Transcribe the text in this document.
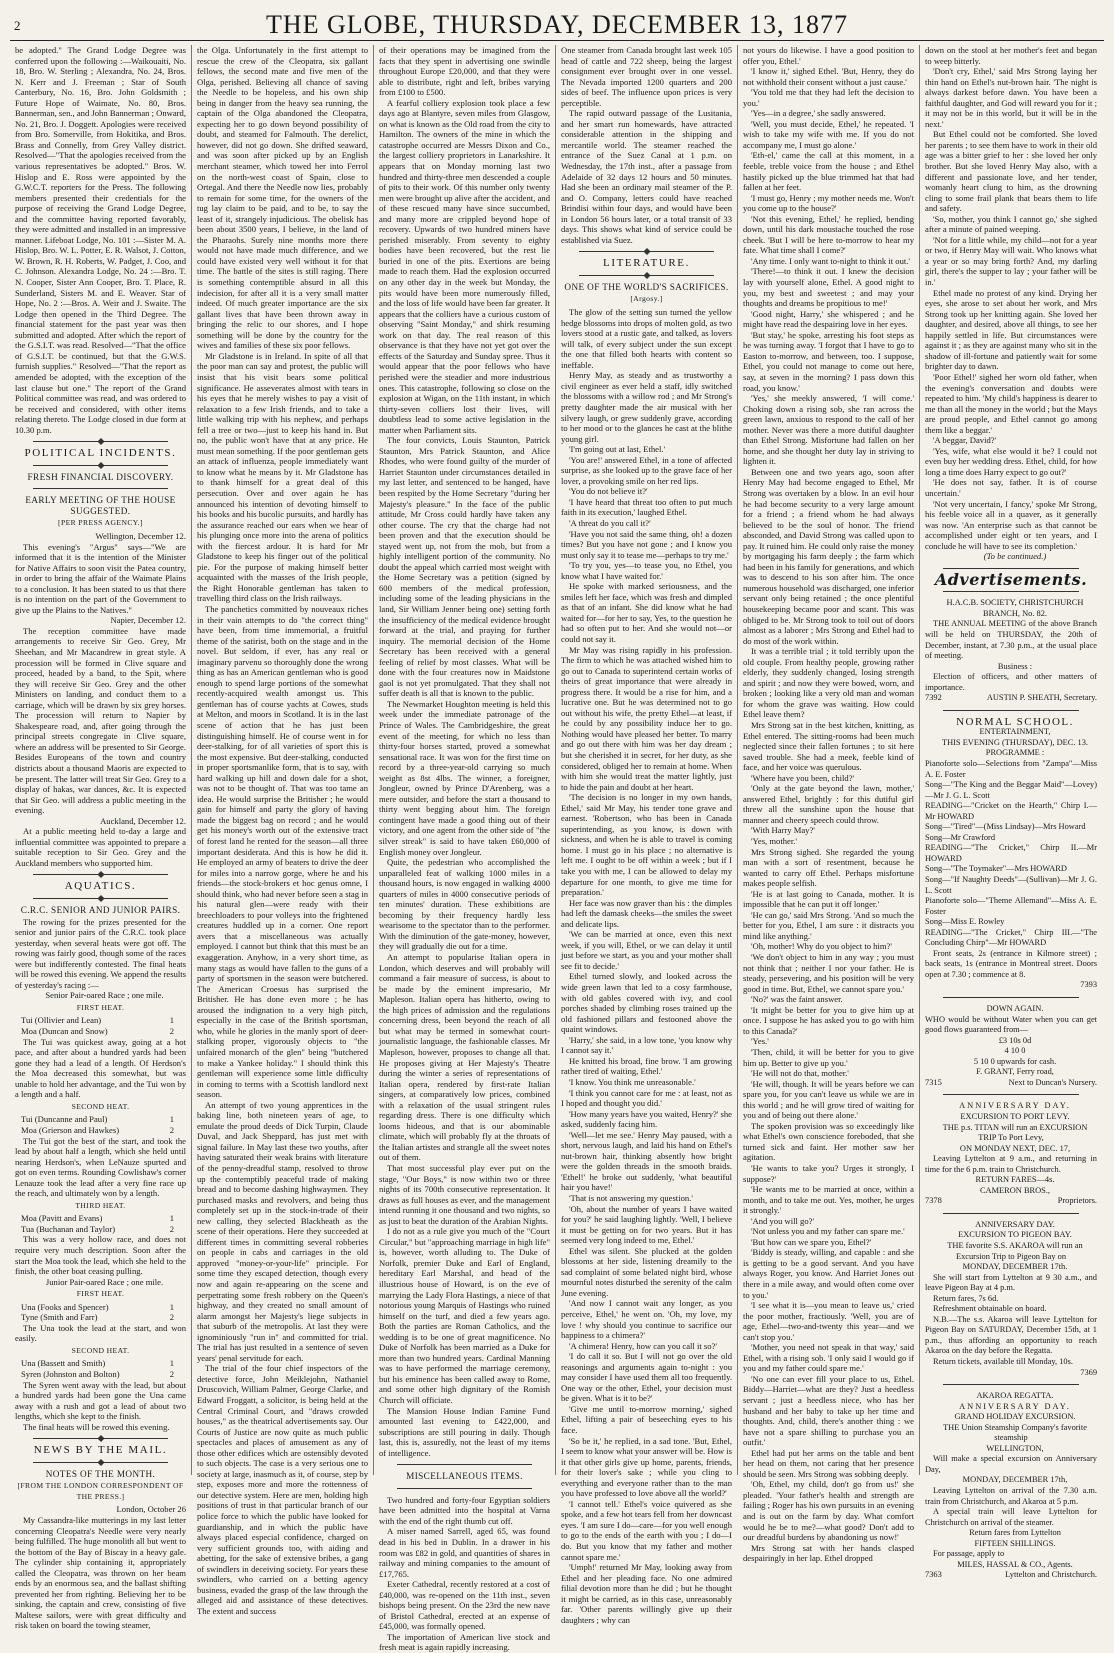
2	THE GLOBE, THURSDAY, DECEMBER 13, 1877

be adopted." The Grand Lodge Degree was conferred upon the following :—Waikouaiti, No. 18, Bro. W. Sterling ; Alexandra, No. 24, Bros. N. Kerr and J. Freeman ; Star of South Canterbury, No. 16, Bro. John Goldsmith ; Future Hope of Waimate, No. 80, Bros. Bannerman, sen., and John Bannerman ; Onward, No. 21, Bro. J. Doggett. Apologies were received from Bro. Somerville, from Hokitika, and Bros. Brass and Connelly, from Grey Valley district. Resolved—"That the apologies received from the various representatives be adopted." Bros. W. Hislop and E. Ross were appointed by the G.W.C.T. reporters for the Press. The following members presented their credentials for the purpose of receiving the Grand Lodge Degree, and the committee having reported favorably, they were admitted and installed in an impressive manner. Lifeboat Lodge, No. 101 :—Sister M. A. Hislop, Bro. W. L. Potter, E. R. Walsot, J. Cotton, W. Brown, R. H. Roberts, W. Padget, J. Coo, and C. Johnson. Alexandra Lodge, No. 24 :—Bro. T. N. Cooper, Sister Ann Cooper, Bro. T. Place, R. Sunderland, Sisters M. and E. Weaver. Star of Hope, No. 2 :—Bros. A. Weir and J. Swaite. The Lodge then opened in the Third Degree. The financial statement for the past year was then submitted and adopted. After which the report of the G.S.I.T. was read. Resolved—"That the office of G.S.I.T. be continued, but that the G.W.S. furnish supplies." Resolved—"That the report as amended be adopted, with the exception of the last clause but one." The report of the Grand Political committee was read, and was ordered to be received and considered, with other items relating thereto. The Lodge closed in due form at 10.30 p.m.

POLITICAL INCIDENTS.
FRESH FINANCIAL DISCOVERY.
EARLY MEETING OF THE HOUSE SUGGESTED.
[PER PRESS AGENCY.]

Wellington, December 12.

This evening's "Argus" says—"We are informed that it is the intention of the Minister for Native Affairs to soon visit the Patea country, in order to bring the affair of the Waimate Plains to a conclusion. It has been stated to us that there is no intention on the part of the Government to give up the Plains to the Natives."

Napier, December 12.

The reception committee have made arrangements to receive Sir Geo. Grey, Mr Sheehan, and Mr Macandrew in great style. A procession will be formed in Clive square and proceed, headed by a band, to the Spit, where they will receive Sir Geo. Grey and the other Ministers on landing, and conduct them to a carriage, which will be drawn by six grey horses. The procession will return to Napier by Shakespeare road, and, after going through the principal streets congregate in Clive square, where an address will be presented to Sir George. Besides Europeans of the town and country districts about a thousand Maoris are expected to be present. The latter will treat Sir Geo. Grey to a display of hakas, war dances, &c. It is expected that Sir Geo. will address a public meeting in the evening.

Auckland, December 12.

At a public meeting held to-day a large and influential committee was appointed to prepare a suitable reception to Sir Geo. Grey and the Auckland members who supported him.

AQUATICS.
C.R.C. SENIOR AND JUNIOR PAIRS.

The rowing for the prizes presented for the senior and junior pairs of the C.R.C. took place yesterday, when several heats were got off. The rowing was fairly good, though some of the races were but indifferently contested. The final heats will be rowed this evening. We append the results of yesterday's racing :—

Senior Pair-oared Race ; one mile.

FIRST HEAT.
Tui (Ollivier and Lean)	1
Moa (Duncan and Snow)	2

The Tui was quickest away, going at a hot pace, and after about a hundred yards had been gone they had a lead of a length. Of Herdson's the Moa decreased this somewhat, but was unable to hold her advantage, and the Tui won by a length and a half.

SECOND HEAT.
Tui (Duncanne and Paul)	1
Moa (Grierson and Hawkes)	2

The Tui got the best of the start, and took the lead by about half a length, which she held until nearing Herdson's, when LeNauze spurted and got on even terms. Rounding Cowlishaw's corner Lenauze took the lead after a very fine race up the reach, and ultimately won by a length.

THIRD HEAT.
Moa (Pavitt and Evans)	1
Tua (Buchanan and Taylor)	2

This was a very hollow race, and does not require very much description. Soon after the start the Moa took the lead, which she held to the finish, the other boat ceasing pulling.

Junior Pair-oared Race ; one mile.

FIRST HEAT.
Una (Fooks and Spencer)	1
Tyne (Smith and Farr)	2

The Una took the lead at the start, and won easily.

SECOND HEAT.
Una (Bassett and Smith)	1
Syren (Johnston and Bolton)	2

The Syren went away with the lead, but about a hundred yards had been gone the Una came away with a rush and got a lead of about two lengths, which she kept to the finish.

The final heats will be rowed this evening.

NEWS BY THE MAIL.
NOTES OF THE MONTH.
[FROM THE LONDON CORRESPONDENT OF THE PRESS.]

London, October 26

My Cassandra-like mutterings in my last letter concerning Cleopatra's Needle were very nearly being fulfilled. The huge monolith all but went to the bottom of the Bay of Biscay in a heavy gale. The cylinder ship containing it, appropriately called the Cleopatra, was thrown on her beam ends by an enormous sea, and the ballast shifting prevented her from righting. Believing her to be sinking, the captain and crew, consisting of five Maltese sailors, were with great difficulty and risk taken on board the towing steamer,

the Olga. Unfortunately in the first attempt to rescue the crew of the Cleopatra, six gallant fellows, the second mate and five men of the Olga, perished. Believing all chance of saving the Needle to be hopeless, and his own ship being in danger from the heavy sea running, the captain of the Olga abandoned the Cleopatra, expecting her to go down beyond possibility of doubt, and steamed for Falmouth. The derelict, however, did not go down. She drifted seaward, and was soon after picked up by an English merchant steamer, which towed her into Ferrol on the north-west coast of Spain, close to Ortegal. And there the Needle now lies, probably to remain for some time, for the owners of the tug lay claim to be paid, and to be, to say the least of it, strangely injudicious. The obelisk has been about 3500 years, I believe, in the land of the Pharaohs. Surely nine months more there would not have made much difference, and we could have existed very well without it for that time. The battle of the sites is still raging. There is something contemptible absurd in all this indecision, for after all it is a very small matter indeed. Of much greater importance are the six gallant lives that have been thrown away in bringing the relic to our shores, and I hope something will be done by the country for the wives and families of these six poor fellows.

Mr Gladstone is in Ireland. In spite of all that the poor man can say and protest, the public will insist that his visit bears some political significance. He asseverates almost with tears in his eyes that he merely wishes to pay a visit of relaxation to a few Irish friends, and to take a little walking trip with his nephew, and perhaps fell a tree or two—just to keep his hand in. But no, the public won't have that at any price. He must mean something. If the poor gentleman gets an attack of influenza, people immediately want to know what he means by it. Mr Gladstone has to thank himself for a great deal of this persecution. Over and over again he has announced his intention of devoting himself to his books and his bucolic pursuits, and hardly has the assurance reached our ears when we hear of his plunging once more into the arena of politics with the fiercest ardour. It is hard for Mr Gladstone to keep his finger out of the political pie. For the purpose of making himself better acquainted with the masses of the Irish people, the Right Honorable gentleman has taken to travelling third class on the Irish railways.

The panchetics committed by nouveaux riches in their vain attempts to do "the correct thing" have been, from time immemorial, a fruitful theme of the satirist, both on the stage and in the novel. But seldom, if ever, has any real or imaginary parvenu so thoroughly done the wrong thing as has an American gentleman who is good enough to spend large portions of the somewhat recently-acquired wealth amongst us. This gentleman has of course yachts at Cowes, studs at Melton, and moors in Scotland. It is in the last scene of action that he has just been distinguishing himself. He of course went in for deer-stalking, for of all varieties of sport this is the most expensive. But deer-stalking, conducted in proper sportsmanlike form, that is to say, with hard walking up hill and down dale for a shot, was not to be thought of. That was too tame an idea. He would surprise the Britisher ; he would gain for himself and party the glory of having made the biggest bag on record ; and he would get his money's worth out of the extensive tract of forest land he rented for the season—all three important desiderata. And this is how he did it. He employed an army of beaters to drive the deer for miles into a narrow gorge, where he and his friends—the stock-brokers et hoc genus omne, I should think, who had never before seen a stag in his natural glen—were ready with their breechloaders to pour volleys into the frightened creatures huddled up in a corner. One report avers that a miscellaneous was actually employed. I cannot but think that this must be an exaggeration. Anyhow, in a very short time, as many stags as would have fallen to the guns of a party of sportsmen in the season were butchered. The American Croesus has surprised the Britisher. He has done even more ; he has aroused the indignation to a very high pitch, especially in the case of the British sportsman, who, while he glories in the manly sport of deer-stalking proper, vigorously objects to "the unfaired monarch of the glen" being "butchered to make a Yankee holiday." I should think this gentleman will experience some little difficulty in coming to terms with a Scottish landlord next season.

An attempt of two young apprentices in the baking line, both nineteen years of age, to emulate the proud deeds of Dick Turpin, Claude Duval, and Jack Sheppard, has just met with signal failure. In May last these two youths, after having saturated their weak brains with literature of the penny-dreadful stamp, resolved to throw up the contemptibly peaceful trade of making bread and to become dashing highwaymen. They purchased masks and revolvers, and being thus completely set up in the stock-in-trade of their new calling, they selected Blackheath as the scene of their operations. Here they succeeded at different times in committing several robberies on people in cabs and carriages in the old approved "money-or-your-life" principle. For some time they escaped detection, though every now and again re-appearing on the scene and perpetrating some fresh robbery on the Queen's highway, and they created no small amount of alarm amongst her Majesty's liege subjects in that suburb of the metropolis. At last they were ignominiously "run in" and committed for trial. The trial has just resulted in a sentence of seven years' penal servitude for each.

The trial of the four chief inspectors of the detective force, John Meiklejohn, Nathaniel Druscovich, William Palmer, George Clarke, and Edward Froggatt, a solicitor, is being held at the Central Criminal Court, and "draws crowded houses," as the theatrical advertisements say. Our Courts of Justice are now quite as much public spectacles and places of amusement as any of those other edifices which are ostensibly devoted to such objects. The case is a very serious one to society at large, inasmuch as it, of course, step by step, exposes more and more the rottenness of our detective system. Here are men, holding high positions of trust in that particular branch of our police force to which the public have looked for guardianship, and in which the public have always placed especial confidence, charged on very sufficient grounds too, with aiding and abetting, for the sake of extensive bribes, a gang of swindlers in deceiving society. For years these swindlers, who carried on a betting agency business, evaded the grasp of the law through the alleged aid and assistance of these detectives. The extent and success

of their operations may be imagined from the facts that they spent in advertising one swindle throughout Europe £20,000, and that they were able to distribute, right and left, bribes varying from £100 to £500.

A fearful colliery explosion took place a few days ago at Blantyre, seven miles from Glasgow, on what is known as the Old road from the city to Hamilton. The owners of the mine in which the catastrophe occurred are Messrs Dixon and Co., the largest colliery proprietors in Lanarkshire. It appears that on Monday morning last two hundred and thirty-three men descended a couple of pits to their work. Of this number only twenty men were brought up alive after the accident, and of these rescued many have since succumbed, and many more are crippled beyond hope of recovery. Upwards of two hundred miners have perished miserably. From seventy to eighty bodies have been recovered, but the rest lie buried in one of the pits. Exertions are being made to reach them. Had the explosion occurred on any other day in the week but Monday, the pits would have been more numerously filled, and the loss of life would have been far greater. It appears that the colliers have a curious custom of observing "Saint Monday," and shirk resuming work on that day. The real reason of this observance is that they have not yet got over the effects of the Saturday and Sunday spree. Thus it would appear that the poor fellows who have perished were the steadier and more industrious ones. This catastrophe, following so close on the explosion at Wigan, on the 11th instant, in which thirty-seven colliers lost their lives, will doubtless lead to some active legislation in the matter when Parliament sits.

The four convicts, Louis Staunton, Patrick Staunton, Mrs Patrick Staunton, and Alice Rhodes, who were found guilty of the murder of Harriet Staunton under circumstances detailed in my last letter, and sentenced to be hanged, have been respited by the Home Secretary "during her Majesty's pleasure." In the face of the public attitude, Mr Cross could hardly have taken any other course. The cry that the charge had not been proven and that the execution should be stayed went up, not from the mob, but from a highly intelligent portion of the community. No doubt the appeal which carried most weight with the Home Secretary was a petition (signed by 600 members of the medical profession, including some of the leading physicians in the land, Sir William Jenner being one) setting forth the insufficiency of the medical evidence brought forward at the trial, and praying for further inquiry. The memorial decision of the Home Secretary has been received with a general feeling of relief by most classes. What will be done with the four creatures now in Maidstone gaol is not yet promulgated. That they shall not suffer death is all that is known to the public.

The Newmarket Houghton meeting is held this week under the immediate patronage of the Prince of Wales. The Cambridgeshire, the great event of the meeting, for which no less than thirty-four horses started, proved a somewhat sensational race. It was won for the first time on record by a three-year-old carrying so much weight as 8st 4lbs. The winner, a foreigner, Jongleur, owned by Prince D'Arenberg, was a mere outsider, and before the start a thousand to thirty went begging about him. The foreign contingent have made a good thing out of their victory, and one agent from the other side of "the silver streak" is said to have taken £60,000 of English money over Jongleur.

Quite, the pedestrian who accomplished the unparalleled feat of walking 1000 miles in a thousand hours, is now engaged in walking 4000 quarters of miles in 4000 consecutive periods of ten minutes' duration. These exhibitions are becoming by their frequency hardly less wearisome to the spectator than to the performer. With the diminution of the gate-money, however, they will gradually die out for a time.

An attempt to popularise Italian opera in London, which deserves and will probably will command a fair measure of success, is about to be made by the eminent impresario, Mr Mapleson. Italian opera has hitherto, owing to the high prices of admission and the regulations concerning dress, been beyond the reach of all but what may be termed in somewhat court-journalistic language, the fashionable classes. Mr Mapleson, however, proposes to change all that. He proposes giving at Her Majesty's Theatre during the winter a series of representations of Italian opera, rendered by first-rate Italian singers, at comparatively low prices, combined with a relaxation of the usual stringent rules regarding dress. There is one difficulty which looms hideous, and that is our abominable climate, which will probably fly at the throats of the Italian artistes and strangle all the sweet notes out of them.

That most successful play ever put on the stage, "Our Boys," is now within two or three nights of its 700th consecutive representation. It draws as full houses as ever, and the management intend running it one thousand and two nights, so as just to beat the duration of the Arabian Nights.

I do not as a rule give you much of the "Court Circular," but "approaching marriage in high life" is, however, worth alluding to. The Duke of Norfolk, premier Duke and Earl of England, hereditary Earl Marshal, and head of the illustrious house of Howard, is on the eve of marrying the Lady Flora Hastings, a niece of that notorious young Marquis of Hastings who ruined himself on the turf, and died a few years ago. Both the parties are Roman Catholics, and the wedding is to be one of great magnificence. No Duke of Norfolk has been married as a Duke for more than two hundred years. Cardinal Manning was to have performed the marriage ceremony, but his eminence has been called away to Rome, and some other high dignitary of the Romish Church will officiate.

The Mansion House Indian Famine Fund amounted last evening to £422,000, and subscriptions are still pouring in daily. Though last, this is, assuredly, not the least of my items of intelligence.

MISCELLANEOUS ITEMS.

Two hundred and forty-four Egyptian soldiers have been admitted into the hospital at Varna with the end of the right thumb cut off.

A miser named Sarrell, aged 65, was found dead in his bed in Dublin. In a drawer in his room was £82 in gold, and quantities of shares in railway and mining companies to the amount of £17,765.

Exeter Cathedral, recently restored at a cost of £40,000, was re-opened on the 11th inst., seven bishops being present. On the 23rd the new nave of Bristol Cathedral, erected at an expense of £45,000, was formally opened.

The importation of American live stock and fresh meat is again rapidly increasing.

One steamer from Canada brought last week 105 head of cattle and 722 sheep, being the largest consignment ever brought over in one vessel. The Nevada imported 1200 quarters and 200 sides of beef. The influence upon prices is very perceptible.

The rapid outward passage of the Lusitania, and her smart run homewards, have attracted considerable attention in the shipping and mercantile world. The steamer reached the entrance of the Suez Canal at 1 p.m. on Wednesday, the 17th inst., after a passage from Adelaide of 32 days 12 hours and 50 minutes. Had she been an ordinary mail steamer of the P. and O. Company, letters could have reached Brindisi within four days, and would have been in London 56 hours later, or a total transit of 33 days. This shows what kind of service could be established via Suez.

LITERATURE.
ONE OF THE WORLD'S SACRIFICES.
[Argosy.]

The glow of the setting sun turned the yellow hedge blossoms into drops of molten gold, as two lovers stood at a rustic gate, and talked, as lovers will talk, of every subject under the sun except the one that filled both hearts with content so ineffable.

Henry May, as steady and as trustworthy a civil engineer as ever held a staff, idly switched the blossoms with a willow rod ; and Mr Strong's pretty daughter made the air musical with her silvery laugh, or grew suddenly grave, according to her mood or to the glances he cast at the blithe young girl.

'I'm going out at last, Ethel.'

'You are!' answered Ethel, in a tone of affected surprise, as she looked up to the grave face of her lover, a provoking smile on her red lips.

'You do not believe it?'

'I have heard that threat too often to put much faith in its execution,' laughed Ethel.

'A threat do you call it?'

'Have you not said the same thing, oh! a dozen times? But you have not gone ; and I know you must only say it to tease me—perhaps to try me.'

'To try you, yes—to tease you, no Ethel, you know what I have waited for.'

He spoke with marked seriousness, and the smiles left her face, which was fresh and dimpled as that of an infant. She did know what he had waited for—for her to say, Yes, to the question he had so often put to her. And she would not—or could not say it.

Mr May was rising rapidly in his profession. The firm to which he was attached wished him to go out to Canada to superintend certain works of theirs of great importance that were already in progress there. It would be a rise for him, and a lucrative one. But he was determined not to go out without his wife, the pretty Ethel—at least, if he could by any possibility induce her to go. Nothing would have pleased her better. To marry and go out there with him was her day dream ; but she cherished it in secret, for her duty, as she considered, obliged her to remain at home. When with him she would treat the matter lightly, just to hide the pain and doubt at her heart.

'The decision is no longer in my own hands, Ethel,' said Mr May, his tender tone grave and earnest. 'Robertson, who has been in Canada superintending, as you know, is down with sickness, and when he is able to travel is coming home. I must go in his place ; no alternative is left me. I ought to be off within a week ; but if I take you with me, I can be allowed to delay my departure for one month, to give me time for preparation.'

Her face was now graver than his : the dimples had left the damask cheeks—the smiles the sweet and delicate lips.

'We can be married at once, even this next week, if you will, Ethel, or we can delay it until just before we start, as you and your mother shall see fit to decide.'

Ethel turned slowly, and looked across the wide green lawn that led to a cosy farmhouse, with old gables covered with ivy, and cool porches shaded by climbing roses trained up the old fashioned pillars and festooned above the quaint windows.

'Harry,' she said, in a low tone, 'you know why I cannot say it.'

He knitted his broad, fine brow. 'I am growing rather tired of waiting, Ethel.'

'I know. You think me unreasonable.'

'I think you cannot care for me : at least, not as I hoped and thought you did.'

'How many years have you waited, Henry?' she asked, suddenly facing him.

'Well—let me see.' Henry May paused, with a short, nervous laugh, and laid his hand on Ethel's nut-brown hair, thinking absently how bright were the golden threads in the smooth braids. 'Ethel!' he broke out suddenly, 'what beautiful hair you have!'

'That is not answering my question.'

'Oh, about the number of years I have waited for you?' he said laughing lightly. 'Well, I believe it must be getting on for two years. But it has seemed very long indeed to me, Ethel.'

Ethel was silent. She plucked at the golden blossoms at her side, listening dreamily to the sad complaint of some belated night bird, whose mournful notes disturbed the serenity of the calm June evening.

'And now I cannot wait any longer, as you perceive, Ethel,' he went on. 'Oh, my love, my love ! why should you continue to sacrifice our happiness to a chimera?'

'A chimera! Henry, how can you call it so?'

'I do call it so. But I will not go over the old reasonings and arguments again to-night : you may consider I have used them all too frequently. One way or the other, Ethel, your decision must be given. What is it to be?'

'Give me until to-morrow morning,' sighed Ethel, lifting a pair of beseeching eyes to his face.

'So be it,' he replied, in a sad tone. 'But, Ethel, I seem to know what your answer will be. How is it that other girls give up home, parents, friends, for their lover's sake ; while you cling to everything and everyone rather than to the man you have professed to love above all the world?'

'I cannot tell.' Ethel's voice quivered as she spoke, and a few hot tears fell from her downcast eyes. 'I am sure I do—care—for you well enough to go to the ends of the earth with you ; I do—I do. But you know that my father and mother cannot spare me.'

'Umph!' returned Mr May, looking away from Ethel and her pleading face. No one admired filial devotion more than he did ; but he thought it might be carried, as in this case, unreasonably far. 'Other parents willingly give up their daughters ; why can

not yours do likewise. I have a good position to offer you, Ethel.'

'I know it,' sighed Ethel. 'But, Henry, they do not withhold their consent without a just cause.'

'You told me that they had left the decision to you.'

'Yes—in a degree,' she sadly answered.

'Well, you must decide, Ethel,' he repeated. 'I wish to take my wife with me. If you do not accompany me, I must go alone.'

'Eth-el,' came the call at this moment, in a feeble, treble voice from the house ; and Ethel hastily picked up the blue trimmed hat that had fallen at her feet.

'I must go, Henry ; my mother needs me. Won't you come up to the house?'

'Not this evening, Ethel,' he replied, bending down, until his dark moustache touched the rose cheek. 'But I will be here to-morrow to hear my fate. What time shall I come?'

'Any time. I only want to-night to think it out.'

'There!—to think it out. I knew the decision lay with yourself alone, Ethel. A good night to you, my best and sweetest ; and may your thoughts and dreams be propitious to me!'

'Good night, Harry,' she whispered ; and he might have read the despairing love in her eyes.

'But stay,' he spoke, arresting his foot steps as he was turning away. 'I forgot that I have to go to Easton to-morrow, and between, too. I suppose, Ethel, you could not manage to come out here, say, at seven in the morning? I pass down this road, you know.'

'Yes,' she meekly answered, 'I will come.' Choking down a rising sob, she ran across the green lawn, anxious to respond to the call of her mother. Never was there a more dutiful daughter than Ethel Strong. Misfortune had fallen on her home, and she thought her duty lay in striving to lighten it.

Between one and two years ago, soon after Henry May had become engaged to Ethel, Mr Strong was overtaken by a blow. In an evil hour he had become security to a very large amount for a friend ; a friend whom he had always believed to be the soul of honor. The friend absconded, and David Strong was called upon to pay. It ruined him. He could only raise the money by mortgaging his farm deeply ; the farm which had been in his family for generations, and which was to descend to his son after him. The once numerous household was discharged, one inferior servant only being retained ; the once plentiful housekeeping became poor and scant. This was obliged to be. Mr Strong took to toil out of doors almost as a laborer ; Mrs Strong and Ethel had to do most of the work within.

It was a terrible trial ; it told terribly upon the old couple. From healthy people, growing rather elderly, they suddenly changed, losing strength and spirit ; and now they were bowed, worn, and broken ; looking like a very old man and woman for whom the grave was waiting. How could Ethel leave them?

Mrs Strong sat in the best kitchen, knitting, as Ethel entered. The sitting-rooms had been much neglected since their fallen fortunes ; to sit here saved trouble. She had a meek, feeble kind of face, and her voice was querulous.

'Where have you been, child?'

'Only at the gate beyond the lawn, mother,' answered Ethel, brightly : for this dutiful girl threw all the sunshine upon the house that manner and cheery speech could throw.

'With Harry May?'

'Yes, mother.'

Mrs Strong sighed. She regarded the young man with a sort of resentment, because he wanted to carry off Ethel. Perhaps misfortune makes people selfish.

'He is at last going to Canada, mother. It is impossible that he can put it off longer.'

'He can go,' said Mrs Strong. 'And so much the better for you, Ethel, I am sure : it distracts you mind like anything.'

'Oh, mother! Why do you object to him?'

'We don't object to him in any way ; you must not think that ; neither I nor your father. He is steady, persevering, and his position will be very good in time. But, Ethel, we cannot spare you.'

'No?' was the faint answer.

'It might be better for you to give him up at once. I suppose he has asked you to go with him to this Canada?'

'Yes.'

'Then, child, it will be better for you to give him up. Better to give up you.'

'He will not do that, mother.'

'He will, though. It will be years before we can spare you, for you can't leave us while we are in this world ; and he will grow tired of waiting for you and of being out there alone.'

The spoken provision was so exceedingly like what Ethel's own conscience foreboded, that she turned sick and faint. Her mother saw her agitation.

'He wants to take you? Urges it strongly, I suppose?'

'He wants me to be married at once, within a month, and to take me out. Yes, mother, he urges it strongly.'

'And you will go?'

'Not unless you and my father can spare me.'

'But how can we spare you, Ethel?'

'Biddy is steady, willing, and capable : and she is getting to be a good servant. And you have always Roger, you know. And Harriet Jones out there in a mile away, and would often come over to you.'

'I see what it is—you mean to leave us,' cried the poor mother, fractiously. 'Well, you are of age, Ethel—two-and-twenty this year—and we can't stop you.'

'Mother, you need not speak in that way,' said Ethel, with a rising sob. 'I only said I would go if you and my father could spare me.'

'No one can ever fill your place to us, Ethel. Biddy—Harriet—what are they? Just a heedless servant ; just a heedless niece, who has her husband and her baby to take up her time and thoughts. And, child, there's another thing : we have not a spare shilling to purchase you an outfit.'

Ethel had put her arms on the table and bent her head on them, not caring that her presence should be seen. Mrs Strong was sobbing deeply.

'Oh, Ethel, my child, don't go from us!' she pleaded. 'Your father's health and strength are failing ; Roger has his own pursuits in an evening and is out on the farm by day. What comfort would he be to me?—what good? Don't add to our dreadful burdens by abandoning us now!'

Mrs Strong sat with her hands clasped despairingly in her lap. Ethel dropped

down on the stool at her mother's feet and began to weep bitterly.

'Don't cry, Ethel,' said Mrs Strong laying her thin hand on Ethel's nut-brown hair. 'The night is always darkest before dawn. You have been a faithful daughter, and God will reward you for it ; it may not be in this world, but it will be in the next.'

But Ethel could not be comforted. She loved her parents ; to see them have to work in their old age was a bitter grief to her : she loved her only brother. But she loved Henry May also, with a different and passionate love, and her tender, womanly heart clung to him, as the drowning cling to some frail plank that bears them to life and safety.

'So, mother, you think I cannot go,' she sighed after a minute of pained weeping.

'Not for a little while, my child—not for a year or two, if Henry May will wait. Who knows what a year or so may bring forth? And, my darling girl, there's the supper to lay ; your father will be in.'

Ethel made no protest of any kind. Drying her eyes, she arose to set about her work, and Mrs Strong took up her knitting again. She loved her daughter, and desired, above all things, to see her happily settled in life. But circumstances were against it ; as they are against many who sit in the shadow of ill-fortune and patiently wait for some brighter day to dawn.

'Poor Ethel!' sighed her worn old father, when the evening's conversation and doubts were repeated to him. 'My child's happiness is dearer to me than all the money in the world ; but the Mays are proud people, and Ethel cannot go among them like a beggar.'

'A beggar, David?'

'Yes, wife, what else would it be? I could not even buy her wedding dress. Ethel, child, for how long a time does Harry expect to go out?'

'He does not say, father. It is of course uncertain.'

'Not very uncertain, I fancy,' spoke Mr Strong, his feeble voice all in a quaver, as it generally was now. 'An enterprise such as that cannot be accomplished under eight or ten years, and I conclude he will have to see its completion.'

(To be continued.)

Advertisements.

H.A.C.B. SOCIETY, CHRISTCHURCH

BRANCH, No. 82.

THE ANNUAL MEETING of the above Branch will be held on THURSDAY, the 20th of December, instant, at 7.30 p.m., at the usual place of meeting.

Business :

Election of officers, and other matters of importance.

7392	AUSTIN P. SHEATH, Secretary.

NORMAL SCHOOL.

ENTERTAINMENT,

THIS EVENING (THURSDAY), DEC. 13.

PROGRAMME :

Pianoforte solo—Selections from "Zampa"—Miss A. E. Foster

Song—"The King and the Beggar Maid"—Lovey)—Mr J. G. L. Scott

READING—"Cricket on the Hearth," Chirp I.—Mr HOWARD

Song—"Tired"—(Miss Lindsay)—Mrs Howard

Song—Mr Crawford

READING—"The Cricket," Chirp II.—Mr HOWARD

Song—"The Toymaker"—Mrs HOWARD

Song—"If Naughty Deeds"—(Sullivan)—Mr J. G. L. Scott

Pianoforte solo—"Theme Allemand"—Miss A. E. Foster

Song—Miss E. Rowley

READING—"The Cricket," Chirp III.—"The Concluding Chirp"—Mr HOWARD

Front seats, 2s (entrance in Kilmore street) ; back seats, 1s (entrance in Montreal street. Doors open at 7.30 ; commence at 8.

7393

DOWN AGAIN.

WHO would be without Water when you can get good flows guaranteed from—

£3 10s 0d

4 10 0

5 10 0 upwards for cash.

F. GRANT, Ferry road,

7315	Next to Duncan's Nursery.

ANNIVERSARY DAY.

EXCURSION TO PORT LEVY.

THE p.s. TITAN will run an EXCURSION TRIP To Port Levy,

ON MONDAY NEXT, DEC. 17,

Leaving Lyttelton at 9 a.m., and returning in time for the 6 p.m. train to Christchurch.

RETURN FARES—4s.

CAMERON BROS.,

7378	Proprietors.

ANNIVERSARY DAY.

EXCURSION TO PIGEON BAY.

THE favorite S.S. AKAROA will run an Excursion Trip to Pigeon Bay on

MONDAY, DECEMBER 17th.

She will start from Lyttelton at 9 30 a.m., and leave Pigeon Bay at 4 p.m.

Return fares, 7s 6d.

Refreshment obtainable on board.

N.B.—The s.s. Akaroa will leave Lyttelton for Pigeon Bay on SATURDAY, December 15th, at 1 p.m., thus affording an opportunity to reach Akaroa on the day before the Regatta.

Return tickets, available till Monday, 10s.

7369

AKAROA REGATTA.

ANNIVERSARY DAY.

GRAND HOLIDAY EXCURSION.

THE Union Steamship Company's favorite steamship

WELLINGTON,

Will make a special excursion on Anniversary Day,

MONDAY, DECEMBER 17th,

Leaving Lyttelton on arrival of the 7.30 a.m. train from Christchurch, and Akaroa at 5 p.m.

A special train will leave Lyttelton for Christchurch on arrival of the steamer.

Return fares from Lyttelton

FIFTEEN SHILLINGS.

For passage, apply to

MILES, HASSAL & CO., Agents.

7363	Lyttelton and Christchurch.
